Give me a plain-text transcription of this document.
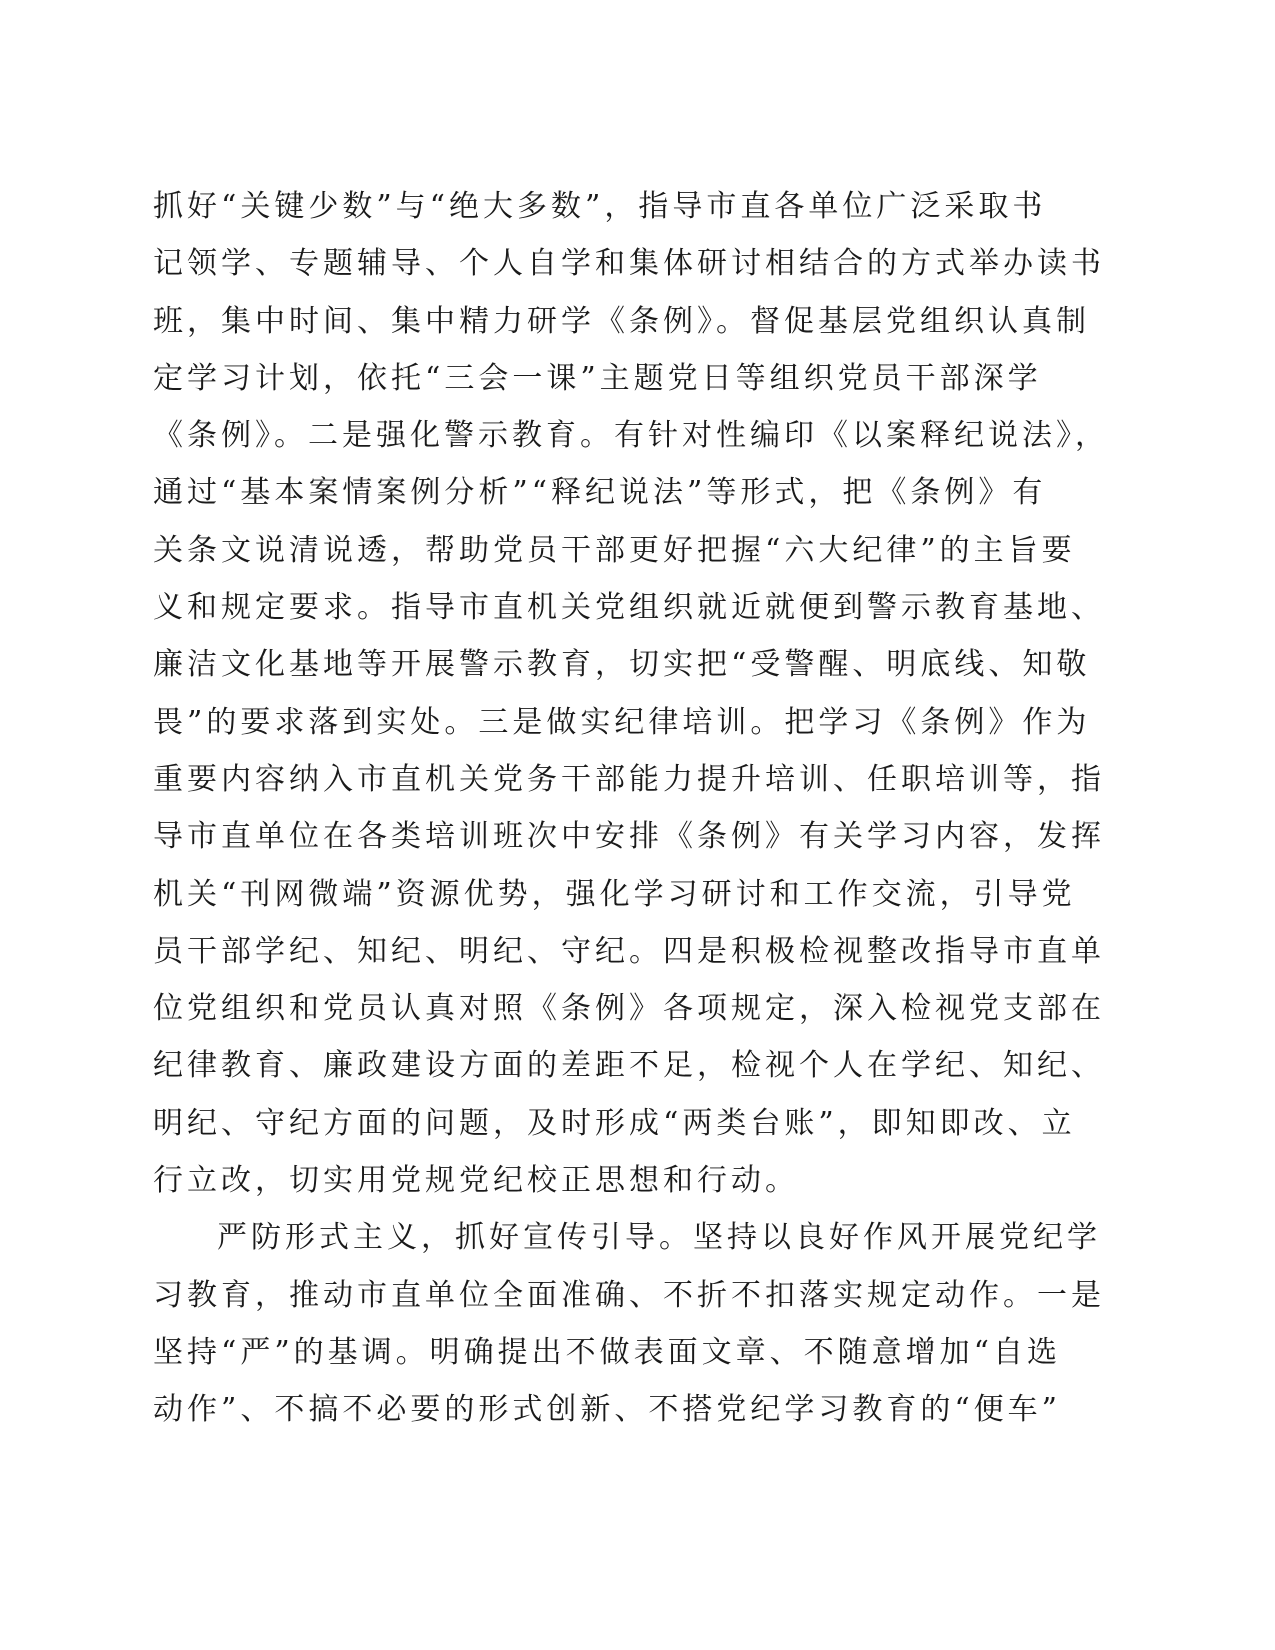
抓好“关键少数”与“绝大多数”，指导市直各单位广泛采取书
记领学、专题辅导、个人自学和集体研讨相结合的方式举办读书
班，集中时间、集中精力研学《条例》。督促基层党组织认真制
定学习计划，依托“三会一课”主题党日等组织党员干部深学
《条例》。二是强化警示教育。有针对性编印《以案释纪说法》，
通过“基本案情案例分析”“释纪说法”等形式，把《条例》有
关条文说清说透，帮助党员干部更好把握“六大纪律”的主旨要
义和规定要求。指导市直机关党组织就近就便到警示教育基地、
廉洁文化基地等开展警示教育，切实把“受警醒、明底线、知敬
畏”的要求落到实处。三是做实纪律培训。把学习《条例》作为
重要内容纳入市直机关党务干部能力提升培训、任职培训等，指
导市直单位在各类培训班次中安排《条例》有关学习内容，发挥
机关“刊网微端”资源优势，强化学习研讨和工作交流，引导党
员干部学纪、知纪、明纪、守纪。四是积极检视整改指导市直单
位党组织和党员认真对照《条例》各项规定，深入检视党支部在
纪律教育、廉政建设方面的差距不足，检视个人在学纪、知纪、
明纪、守纪方面的问题，及时形成“两类台账”，即知即改、立
行立改，切实用党规党纪校正思想和行动。
严防形式主义，抓好宣传引导。坚持以良好作风开展党纪学
习教育，推动市直单位全面准确、不折不扣落实规定动作。一是
坚持“严”的基调。明确提出不做表面文章、不随意增加“自选
动作”、不搞不必要的形式创新、不搭党纪学习教育的“便车”
